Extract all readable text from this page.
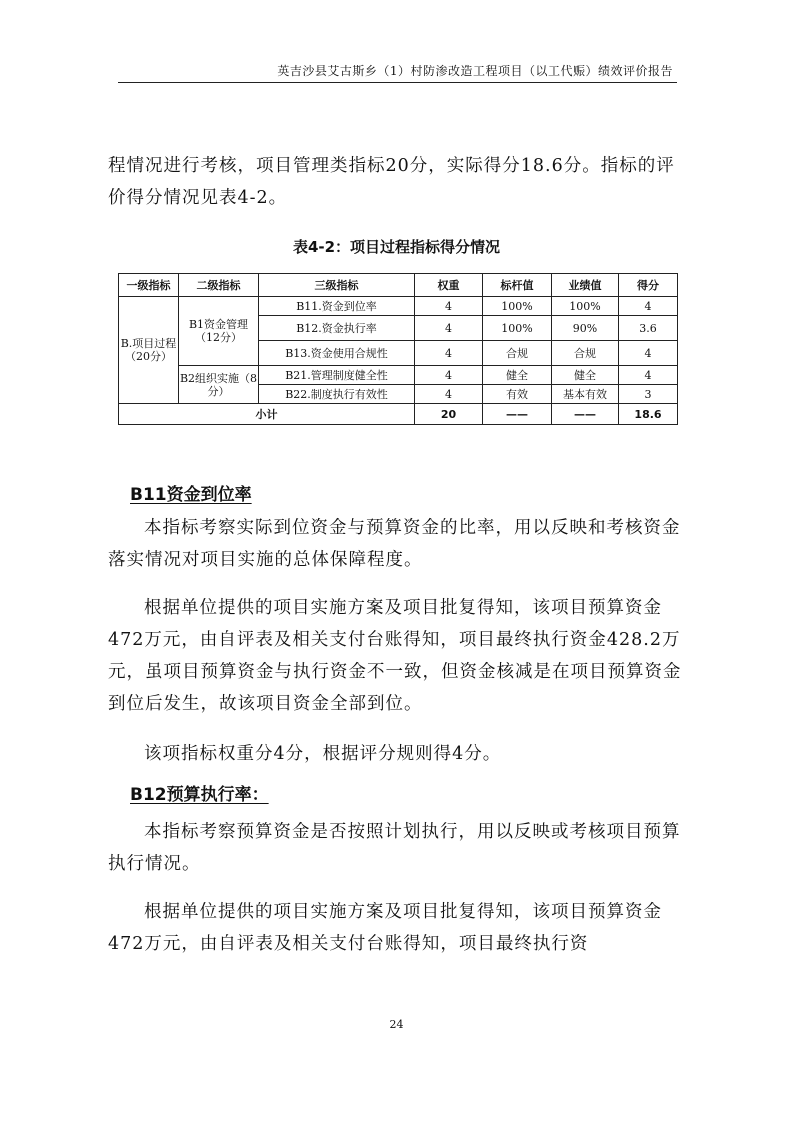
英吉沙县艾古斯乡（1）村防渗改造工程项目（以工代赈）绩效评价报告

程情况进行考核，项目管理类指标20分，实际得分18.6分。指标的评价得分情况见表4-2。

表4-2：项目过程指标得分情况
一级指标	二级指标	三级指标	权重	标杆值	业绩值	得分
B.项目过程（20分）	B1资金管理（12分）	B11.资金到位率	4	100%	100%	4
		B12.资金执行率	4	100%	90%	3.6
		B13.资金使用合规性	4	合规	合规	4
	B2组织实施（8分）	B21.管理制度健全性	4	健全	健全	4
		B22.制度执行有效性	4	有效	基本有效	3
小计			20	——	——	18.6
B11资金到位率

本指标考察实际到位资金与预算资金的比率，用以反映和考核资金落实情况对项目实施的总体保障程度。

根据单位提供的项目实施方案及项目批复得知，该项目预算资金472万元，由自评表及相关支付台账得知，项目最终执行资金428.2万元，虽项目预算资金与执行资金不一致，但资金核减是在项目预算资金到位后发生，故该项目资金全部到位。

该项指标权重分4分，根据评分规则得4分。

B12预算执行率：

本指标考察预算资金是否按照计划执行，用以反映或考核项目预算执行情况。

根据单位提供的项目实施方案及项目批复得知，该项目预算资金472万元，由自评表及相关支付台账得知，项目最终执行资

24
